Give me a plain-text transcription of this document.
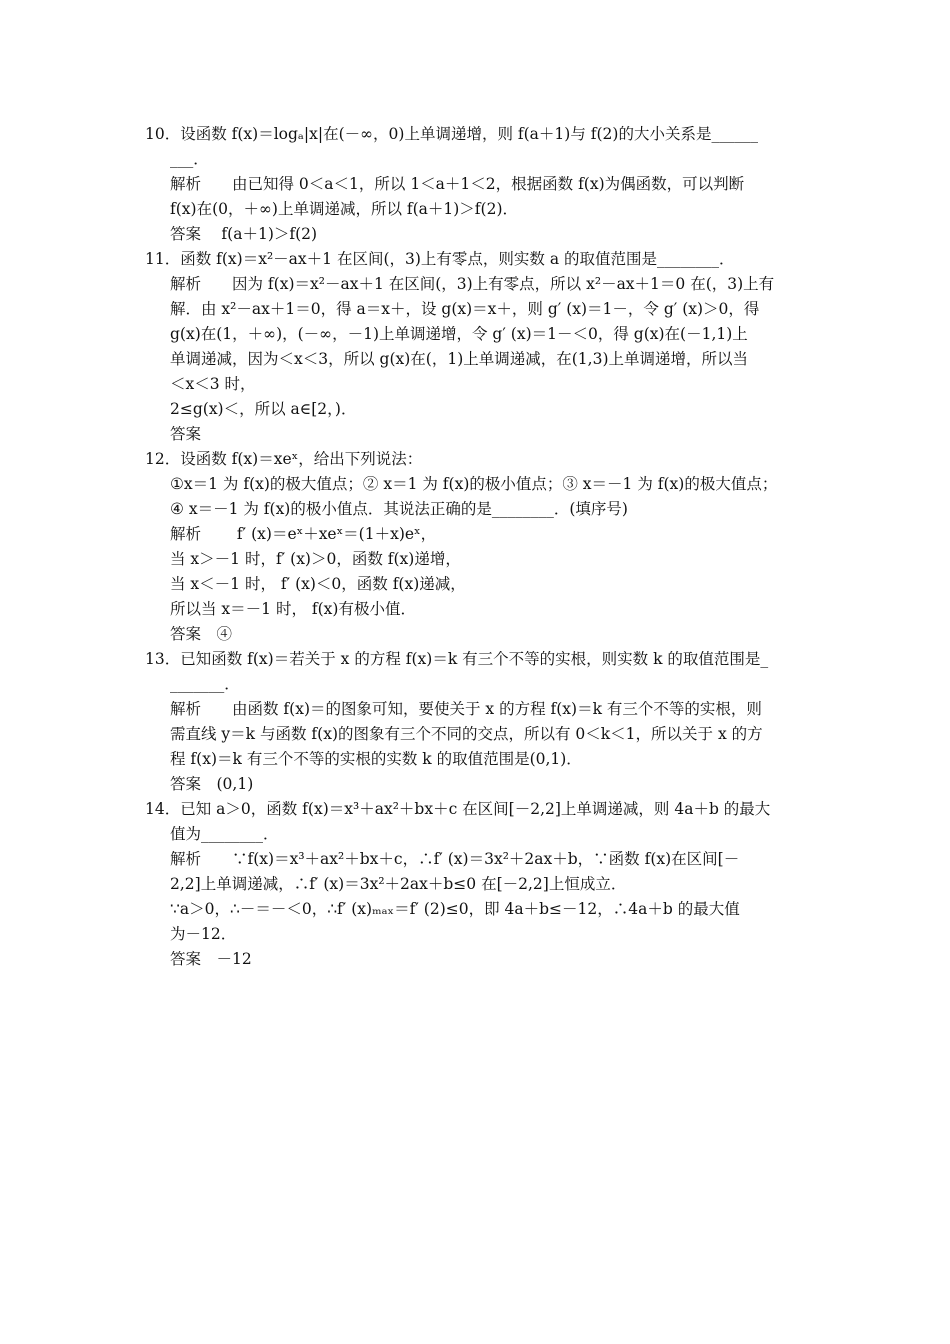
10．设函数 f(x)＝logₐ|x|在(－∞，0)上单调递增，则 f(a＋1)与 f(2)的大小关系是______
___．
解析　　由已知得 0＜a＜1，所以 1＜a＋1＜2，根据函数 f(x)为偶函数，可以判断
f(x)在(0，＋∞)上单调递减，所以 f(a＋1)＞f(2)．
答案　 f(a＋1)＞f(2)
11．函数 f(x)＝x²－ax＋1 在区间(，3)上有零点，则实数 a 的取值范围是________．
解析　　因为 f(x)＝x²－ax＋1 在区间(，3)上有零点，所以 x²－ax＋1＝0 在(，3)上有
解．由 x²－ax＋1＝0，得 a＝x＋，设 g(x)＝x＋，则 g′ (x)＝1－，令 g′ (x)＞0，得
g(x)在(1，＋∞)，(－∞，－1)上单调递增，令 g′ (x)＝1－＜0，得 g(x)在(－1,1)上
单调递减，因为＜x＜3，所以 g(x)在(，1)上单调递减，在(1,3)上单调递增，所以当
＜x＜3 时，
2≤g(x)＜，所以 a∈[2，)．
答案
12．设函数 f(x)＝xeˣ，给出下列说法：
①x＝1 为 f(x)的极大值点；② x＝1 为 f(x)的极小值点；③ x＝－1 为 f(x)的极大值点；
④ x＝－1 为 f(x)的极小值点．其说法正确的是________．(填序号)
解析　　 f′ (x)＝eˣ＋xeˣ＝(1＋x)eˣ，
当 x＞－1 时，f′ (x)＞0，函数 f(x)递增，
当 x＜－1 时， f′ (x)＜0，函数 f(x)递减，
所以当 x＝－1 时， f(x)有极小值．
答案　④
13．已知函数 f(x)＝若关于 x 的方程 f(x)＝k 有三个不等的实根，则实数 k 的取值范围是_
_______．
解析　　由函数 f(x)＝的图象可知，要使关于 x 的方程 f(x)＝k 有三个不等的实根，则
需直线 y＝k 与函数 f(x)的图象有三个不同的交点，所以有 0＜k＜1，所以关于 x 的方
程 f(x)＝k 有三个不等的实根的实数 k 的取值范围是(0,1)．
答案　(0,1)
14．已知 a＞0，函数 f(x)＝x³＋ax²＋bx＋c 在区间[－2,2]上单调递减，则 4a＋b 的最大
值为________．
解析　　∵f(x)＝x³＋ax²＋bx＋c，∴f′ (x)＝3x²＋2ax＋b，∵函数 f(x)在区间[－
2,2]上单调递减，∴f′ (x)＝3x²＋2ax＋b≤0 在[－2,2]上恒成立．
∵a＞0，∴－＝－＜0，∴f′ (x)ₘₐₓ＝f′ (2)≤0，即 4a＋b≤－12，∴4a＋b 的最大值
为－12．
答案　－12
